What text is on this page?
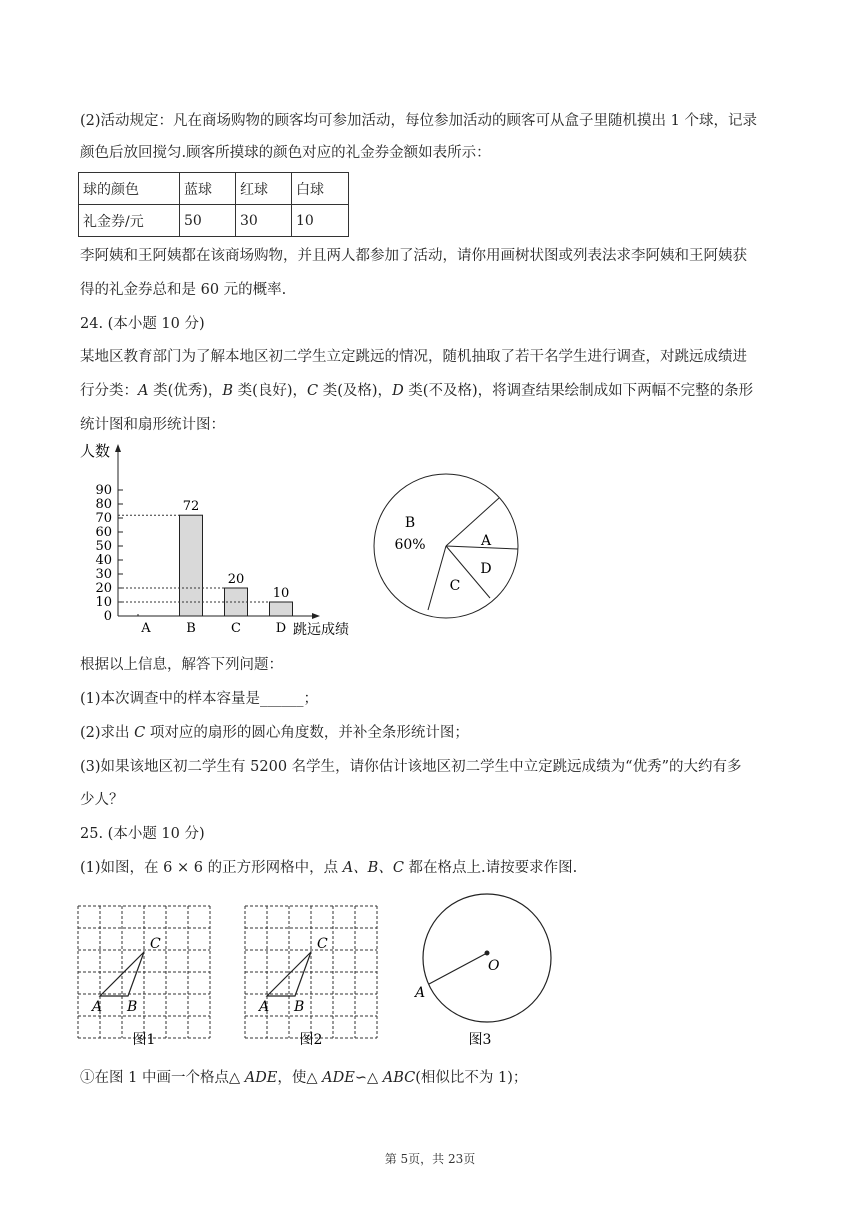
(2)活动规定：凡在商场购物的顾客均可参加活动，每位参加活动的顾客可从盒子里随机摸出 1 个球，记录
颜色后放回搅匀.顾客所摸球的颜色对应的礼金券金额如表所示：
球的颜色	蓝球	红球	白球
礼金券/元	50	30	10
李阿姨和王阿姨都在该商场购物，并且两人都参加了活动，请你用画树状图或列表法求李阿姨和王阿姨获
得的礼金券总和是 60 元的概率.
24. (本小题 10 分)
某地区教育部门为了解本地区初二学生立定跳远的情况，随机抽取了若干名学生进行调查，对跳远成绩进
行分类：A 类(优秀)，B 类(良好)，C 类(及格)，D 类(不及格)，将调查结果绘制成如下两幅不完整的条形
统计图和扇形统计图：
人数
跳远成绩
0
10
20
30
40
50
60
70
80
90
A	B
72
C
20
D
10
B
60%	A
D
C
根据以上信息，解答下列问题：
(1)本次调查中的样本容量是______；
(2)求出 C 项对应的扇形的圆心角度数，并补全条形统计图；
(3)如果该地区初二学生有 5200 名学生，请你估计该地区初二学生中立定跳远成绩为“优秀”的大约有多
少人？
25. (本小题 10 分)
(1)如图，在 6 × 6 的正方形网格中，点 A、B、C 都在格点上.请按要求作图.
A B
C
图1
A B
C
图2
O
A
图3
①在图 1 中画一个格点△ ADE，使△ ADE∽△ ABC(相似比不为 1)；
第 5页，共 23页
